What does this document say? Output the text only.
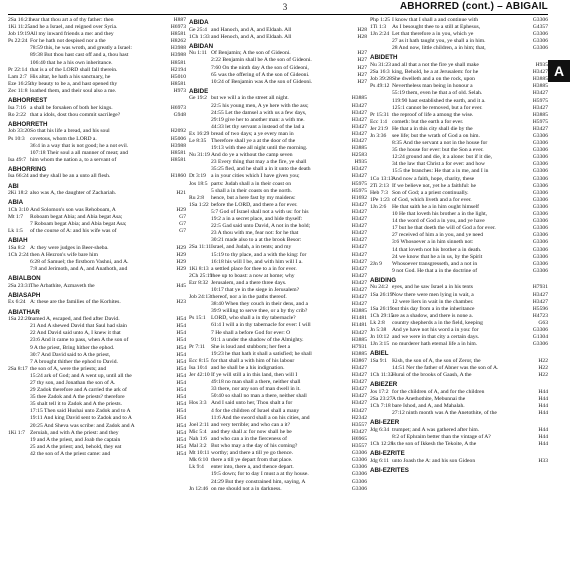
3	ABHORRED (cont.) – ABIGAIL
A
2Sa 16:21 hear that thou art a of thy father: then	H887
1Ki 11:25 and he a Israel, and reigned over Syria.	H6973
Job 19:19 All my inward friends a me: and they	H8581
Ps 22:24 For he hath not despised nor a the	H8262
78:59 this, he was wroth, and greatly a Israel:	H3988
89:38 But thou hast cast off and a, thou hast	H3988
106:40 that he a his own inheritance.	H8581
Pr 22:14 that is a of the LORD shall fall therein.	H2194
Lam 2:7 His altar, he hath a his sanctuary, he	H5010
Eze 16:25 thy beauty to be a, and hast opened thy	H8581
Zec 11:8 loathed them, and their soul also a me.	H973
ABHORREST
Isa 7:16 a shall be forsaken of both her kings.	H6973
Ro 2:22 that a idols, dost thou commit sacrilege?	G948
ABHORRETH
Job 33:20 So that his life a bread, and his soul	H2092
Ps 10:3 covetous, whom the LORD a.	H5006
36:4 in a way that is not good; he a not evil.	H3988
107:18 Their soul a all manner of meat; and	H8581
Isa 49:7 him whom the nation a, to a servant of	H8581
ABHORRING
Isa 66:24 and they shall be an a unto all flesh.	H1860
ABI
2Ki 18:2 also was A, the daughter of Zachariah.	H21
ABIA
1Ch 3:10 And Solomon's son was Rehoboam, A	H29
Mt 1:7	Roboam begat Abia; and Abia begat Asa;	G7
7 Roboam begat Abia; and Abia begat Asa;	G7
Lk 1:5	of the course of A: and his wife was of	G7
ABIAH
1Sa 8:2 A: they were judges in Beer-sheba.	H29
1Ch 2:24 then A Hezron's wife bare him	H29
6:28 of Samuel; the firstborn Vashni, and A.	H29
7:8 and Jerimoth, and A, and Anathoth, and	H29
ABIALBON
2Sa 23:31 The Arbathite, Azmaveth the	H45
ABIASAPH
Ex 6:24 A: these are the families of the Korhites.	H23
ABIATHAR
1Sa 22:20 named A, escaped, and fled after David.	H54
21 And A shewed David that Saul had slain	H54
22 And David said unto A, I knew it that	H54
23:6 And it came to pass, when A the son of	H54
9 A the priest, Bring hither the ephod.	H54
30:7 And David said to A the priest,	H54
7 A brought thither the ephod to David.	H54
2Sa 8:17 the son of A, were the priests; and	H54
15:24 ark of God; and A went up, until all the	H54
27 thy son, and Jonathan the son of A.	H54
29 Zadok therefore and A carried the ark of	H54
35 thee Zadok and A the priests? therefore	H54
35 shalt tell it to Zadok and A the priests.	H54
17:15 Then said Hushai unto Zadok and to A	H54
19:11 And king David sent to Zadok and to A	H54
20:25 And Sheva was scribe: and Zadok and A	H54
1Ki 1:7 Zeruiah, and with A the priest: and they	H54
19 and A the priest, and Joab the captain	H54
25 and A the priest; and, behold, they eat	H54
42 the son of A the priest came: and	H54
ABIDA
Ge 25:4 and Hanoch, and A, and Eldaah. All	H28
1Ch 1:33 and Henoch, and A, and Eldaah. All	H28
ABIDAN
Nu 1:11 Of Benjamin; A the son of Gideoni.	H27
2:22 Benjamin shall be A the son of Gideoni.	H27
7:60 On the ninth day A the son of Gideoni,	H27
65 was the offering of A the son of Gideoni.	H27
10:24 of Benjamin was A the son of Gideoni.	H27
ABIDE
Ge 19:2 but we will a in the street all night.	H3885
22:5 his young men, A ye here with the ass;	H3427
24:55 Let the damsel a with us a few days,	H3427
29:19 give her to another man: a with me.	H3427
44:33 let thy servant a instead of the lad a	H3427
Ex 16:29 bread of two days; a ye every man in	H3427
Le 8:35 Therefore shall ye a at the door of the	H3427
19:13 with thee all night until the morning.	H3885
Nu 31:19 And do ye a without the camp seven	H2583
23 Every thing that may a the fire, ye shall	H935
35:25 fled, and he shall a in it unto the death	H3427
Dt 3:19 a in your cities which I have given you;	H3427
Jos 18:5 parts: Judah shall a in their coast on	H5975
5 shall a in their coasts on the north.	H5975
Ru 2:8	hence, but a here fast by my maidens:	H1692
1Sa 1:22 before the LORD, and there a for ever.	H3427
5:7 God of Israel shall not a with us: for his	H3427
19:2 a in a secret place, and hide thyself:	H3427
22:5 Gad said unto David, A not in the hold;	H3427
23 A thou with me, fear not: for he that	H3427
30:21 made also to a at the brook Besor:	H3427
2Sa 11:11 Israel, and Judah, a in tents; and my	H3427
15:19 to thy place, and a with the king: for	H3427
16:18 his will I be, and with him will I a.	H3427
1Ki 8:13 a settled place for thee to a in for ever.	H3427
2Ch 25:19
thee up to boast: a now at home; why	H3427
Ezr 8:32 Jerusalem, and a there three days.	H3427
10:17 that ye in the siege in Jerusalem?	H3427
Job 24:13 thereof, nor a in the paths thereof.	H3427
38:40 When they couch in their dens, and a	H3427
39:9 willing to serve thee, or a by thy crib?	H3885
Ps 15:1 LORD, who shall a in thy tabernacle?	H1481
61:4 I will a in thy tabernacle for ever: I will	H1481
7 He shall a before God for ever: O	H3427
91:1 a under the shadow of the Almighty.	H3885
Pr 7:11	She is loud and stubborn; her feet a	H7931
19:23 he that hath it shall a satisfied; he shall	H3885
Ecc 8:15 for that shall a with him of his labour	H3867
Isa 10:4 and he shall be a his indignation.	H3427
Jer 42:10 If ye will still a in this land, then will I	H3427
49:18 no man shall a there, neither shall	H3427
33 there, nor any son of man dwell in it.	H3427
50:40 so shall no man a there, neither shall	H3427
Hos 3:3 And I said unto her, Thou shalt a for	H3427
4 for the children of Israel shall a many	H3427
11:6 And the sword shall a on his cities, and	H2342
Joel 2:11 and very terrible; and who can a it?	H3557
Mic 5:4 and they shall a: for now shall he be	H3427
Nah 1:6 and who can a in the fierceness of	H6965
Mal 3:2 But who may a the day of his coming?	H3557
Mt 10:11 worthy; and there a till ye go thence.	G3306
Mk 6:10 there a till ye depart from that place.	G3306
Lk 9:4	enter into, there a, and thence depart.	G3306
19:5 down; for to day I must a at thy house.	G3306
24:29 But they constrained him, saying, A	G3306
Jn 12:46 on me should not a in darkness.	G3306
Php 1:25 I know that I shall a and continue with	G3306
1Ti 1:3	As I besought thee to a still at Ephesus,	G4357
1Jn 2:24 Let that therefore a in you, which ye	G3306
27 as it hath taught you, ye shall a in him.	G3306
28 And now, little children, a in him; that,	G3306
ABIDETH
Nu 31:23 and all that a not the fire ye shall make	H935
2Sa 16:3 king, Behold, he a at Jerusalem: for he	H3427
Job 39:28 She dwelleth and a on the rock, upon	H3885
Ps 49:12 Nevertheless man being in honour a	H3885
55:19 them, even he that a of old. Selah.	H3427
119:90 hast established the earth, and it a.	H5975
125:1 cannot be removed, but a for ever.	H3427
Pr 15:31 the reproof of life a among the wise.	H3885
Ecc 1:4 cometh: but the earth a for ever.	H5975
Jer 21:9 He that a in this city shall die by the	H3427
Jn 3:36	see life; but the wrath of God a on him.	G3306
8:35 And the servant a not in the house for	G3306
35 the house for ever: but the Son a ever.	G3306
12:24 ground and die, it a alone: but if it die,	G3306
34 the law that Christ a for ever: and how	G3306
15:5 the branches: He that a in me, and I in	G3306
1Co 13:13
And now a faith, hope, charity, these	G3306
2Ti 2:13 If we believe not, yet he a faithful: he	G3306
Heb 7:3 Son of God; a a priest continually.	G3306
1Pe 1:23 of God, which liveth and a for ever.	G3306
1Jn 2:6	He that saith he a in him ought himself	G3306
10 He that loveth his brother a in the light,	G3306
14 the word of God a in you, and ye have	G3306
17 but he that doeth the will of God a for ever.	G3306
27 received of him a in you, and ye need	G3306
3:6 Whosoever a in him sinneth not:	G3306
14 that loveth not his brother a in death.	G3306
24 we know that he a in us, by the Spirit	G3306
2Jn 9	Whosoever transgresseth, and a not in	G3306
9 not God. He that a in the doctrine of	G3306
ABIDING
Nu 24:2 eyes, and he saw Israel a in his tents	H7931
1Sa 26:19 Now there were men lying in wait, a	H3427
12 were liers in wait in the chamber.	H3427
1Sa 26:19 out this day from a in the inheritance	H5596
1Ch 29:15
are as a shadow, and there is none a.	H4723
Lk 2:8	country shepherds a in the field, keeping	G63
Jn 5:38	And ye have not his word a in you: for	G3306
Jn 10:12 and we were in that city a certain days.	G1304
1Jn 3:15 no murderer hath eternal life a in him.	G3306
ABIEL
1Sa 9:1 Kish, the son of A, the son of Zeror, the	H22
14:51 Ner the father of Abner was the son of A.	H22
1Ch 11:32
Hurai of the brooks of Gaash, A the	H22
ABIEZER
Jos 17:2 for the children of A, and for the children	H44
2Sa 23:27 A the Anethothite, Mebunnai the	H44
1Ch 7:18 bare Ishod, and A, and Mahalah.	H44
27:12 ninth month was A the Anetothite, of the	H44
ABI-EZER
Jdg 6:34 trumpet; and A was gathered after him.	H44
8:2 of Ephraim better than the vintage of A?	H44
1Ch 12:28
is the son of Ikkesh the Tekoite, A the	H44
ABI-EZRITE
Jdg 6:11 unto Joash the A: and his son Gideon	H33
ABI-EZRITES
